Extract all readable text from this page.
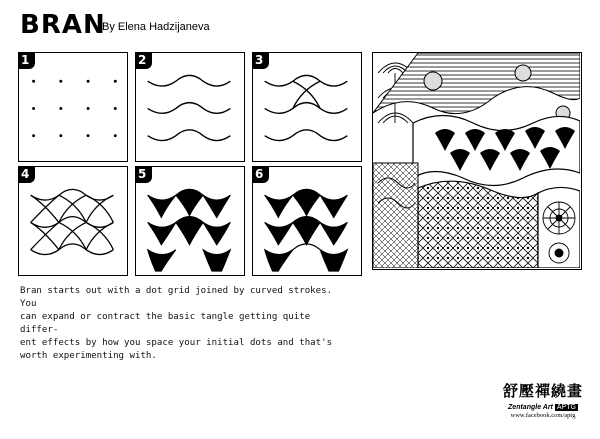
BRAN
By Elena Hadzijaneva
1	2	3
4	5	6

Bran starts out with a dot grid joined by curved strokes. You

can expand or contract the basic tangle getting quite differ-

ent effects by how you space your initial dots and that's

worth experimenting with.

舒壓禪繞畫
Zentangle Art APTG
www.facebook.com/aptg
